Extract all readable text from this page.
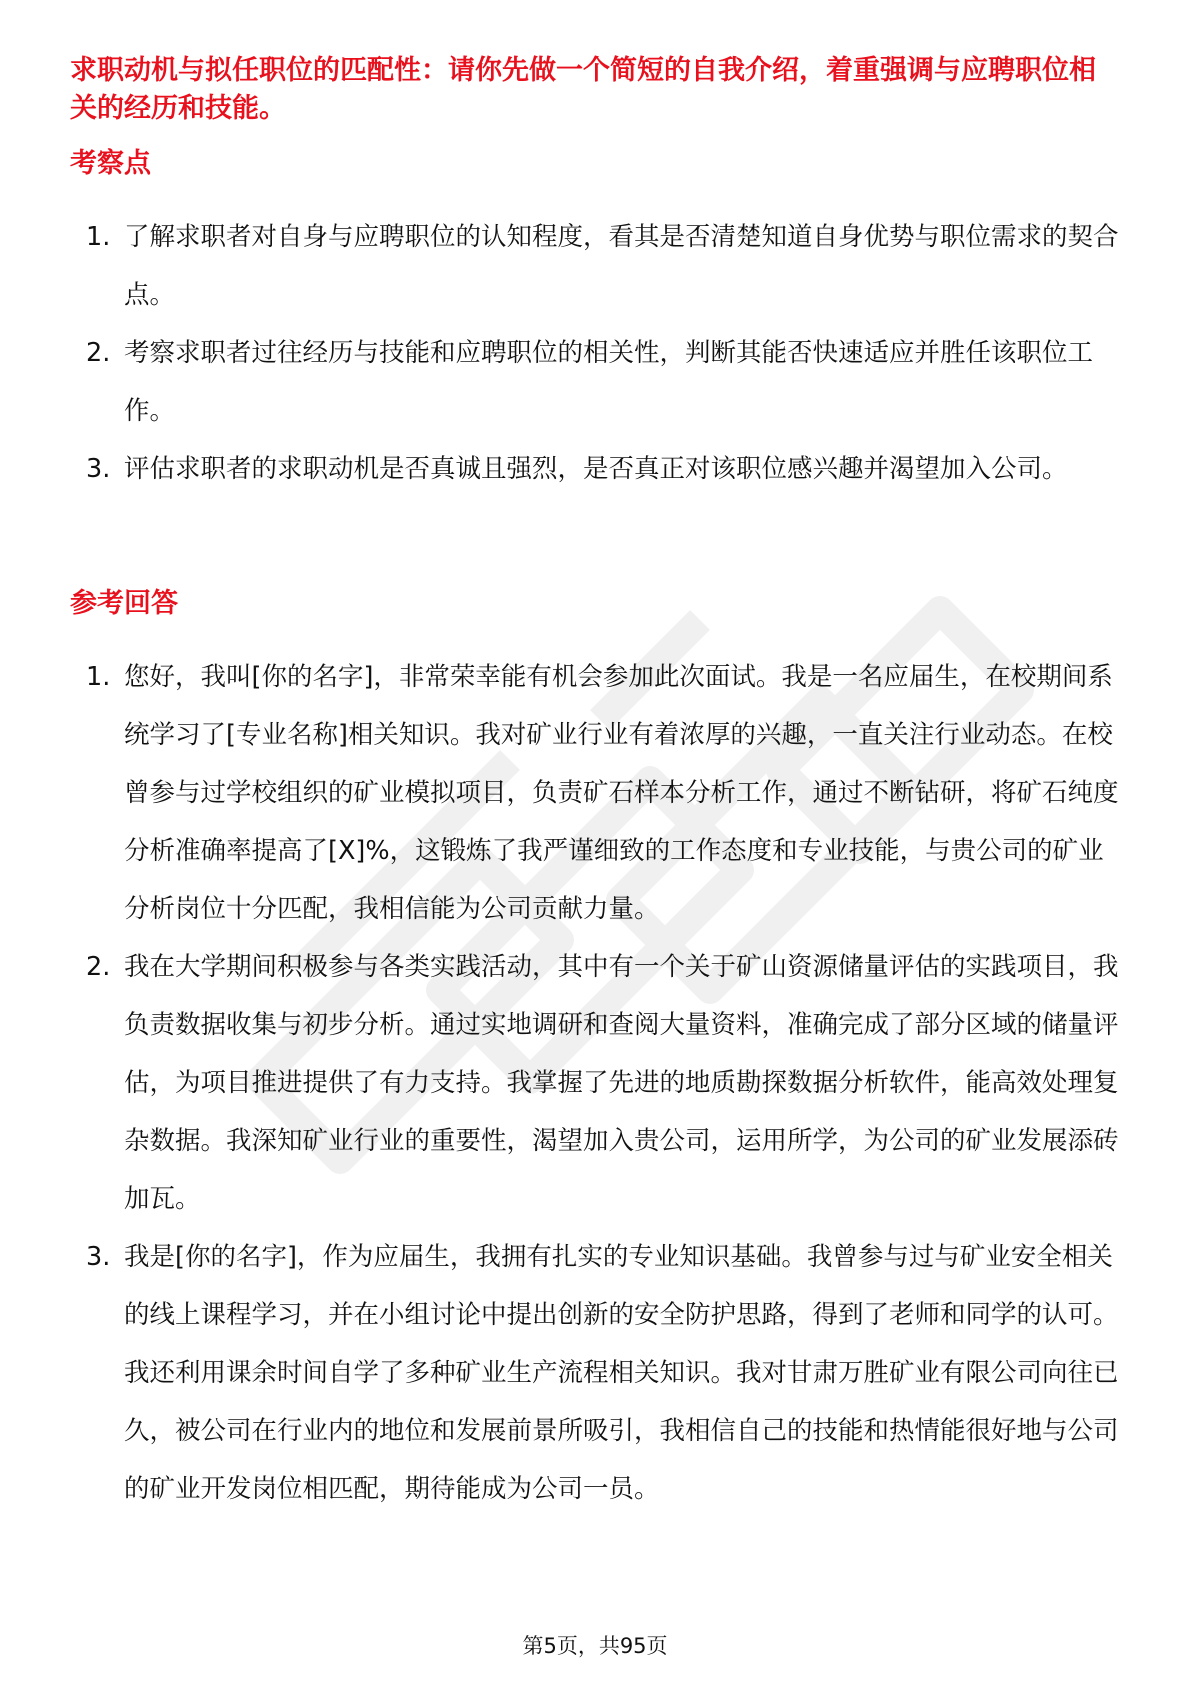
求职动机与拟任职位的匹配性：请你先做一个简短的自我介绍，着重强调与应聘职位相关的经历和技能。

考察点
1. 了解求职者对自身与应聘职位的认知程度，看其是否清楚知道自身优势与职位需求的契合点。
2. 考察求职者过往经历与技能和应聘职位的相关性，判断其能否快速适应并胜任该职位工作。
3. 评估求职者的求职动机是否真诚且强烈，是否真正对该职位感兴趣并渴望加入公司。
参考回答
1. 您好，我叫[你的名字]，非常荣幸能有机会参加此次面试。我是一名应届生，在校期间系统学习了[专业名称]相关知识。我对矿业行业有着浓厚的兴趣，一直关注行业动态。在校曾参与过学校组织的矿业模拟项目，负责矿石样本分析工作，通过不断钻研，将矿石纯度分析准确率提高了[X]%，这锻炼了我严谨细致的工作态度和专业技能，与贵公司的矿业分析岗位十分匹配，我相信能为公司贡献力量。
2. 我在大学期间积极参与各类实践活动，其中有一个关于矿山资源储量评估的实践项目，我负责数据收集与初步分析。通过实地调研和查阅大量资料，准确完成了部分区域的储量评估，为项目推进提供了有力支持。我掌握了先进的地质勘探数据分析软件，能高效处理复杂数据。我深知矿业行业的重要性，渴望加入贵公司，运用所学，为公司的矿业发展添砖加瓦。
3. 我是[你的名字]，作为应届生，我拥有扎实的专业知识基础。我曾参与过与矿业安全相关的线上课程学习，并在小组讨论中提出创新的安全防护思路，得到了老师和同学的认可。我还利用课余时间自学了多种矿业生产流程相关知识。我对甘肃万胜矿业有限公司向往已久，被公司在行业内的地位和发展前景所吸引，我相信自己的技能和热情能很好地与公司的矿业开发岗位相匹配，期待能成为公司一员。
第5页，共95页
